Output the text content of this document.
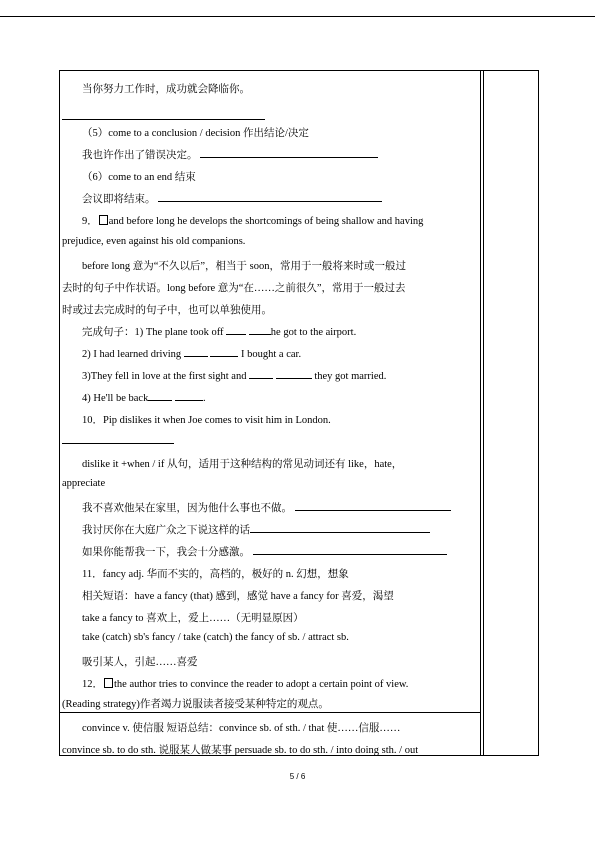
当你努力工作时，成功就会降临你。
（5）come to a conclusion / decision 作出结论/决定
我也许作出了错误决定。
（6）come to an end 结束
会议即将结束。
9． and before long he develops the shortcomings of being shallow and having
prejudice, even against his old companions.
before long 意为“不久以后”，相当于 soon，常用于一般将来时或一般过
去时的句子中作状语。long before 意为“在……之前很久”，常用于一般过去
时或过去完成时的句子中，也可以单独使用。
完成句子：1) The plane took off	he got to the airport.
2) I had learned driving	I bought a car.
3)They fell in love at the first sight and	they got married.
4) He'll be back	.
10．Pip dislikes it when Joe comes to visit him in London.
dislike it +when / if 从句，适用于这种结构的常见动词还有 like，hate，
appreciate
我不喜欢他呆在家里，因为他什么事也不做。
我讨厌你在大庭广众之下说这样的话
如果你能帮我一下，我会十分感激。
11．fancy adj. 华而不实的，高档的，极好的 n. 幻想，想象
相关短语：have a fancy (that) 感到，感觉 have a fancy for 喜爱，渴望
take a fancy to 喜欢上，爱上……（无明显原因）
take (catch) sb's fancy / take (catch) the fancy of sb. / attract sb.
吸引某人，引起……喜爱
12． the author tries to convince the reader to adopt a certain point of view.
(Reading strategy)作者竭力说服读者接受某种特定的观点。
convince v. 使信服 短语总结：convince sb. of sth. / that 使……信服……
convince sb. to do sth. 说服某人做某事 persuade sb. to do sth. / into doing sth. / out
5 / 6
